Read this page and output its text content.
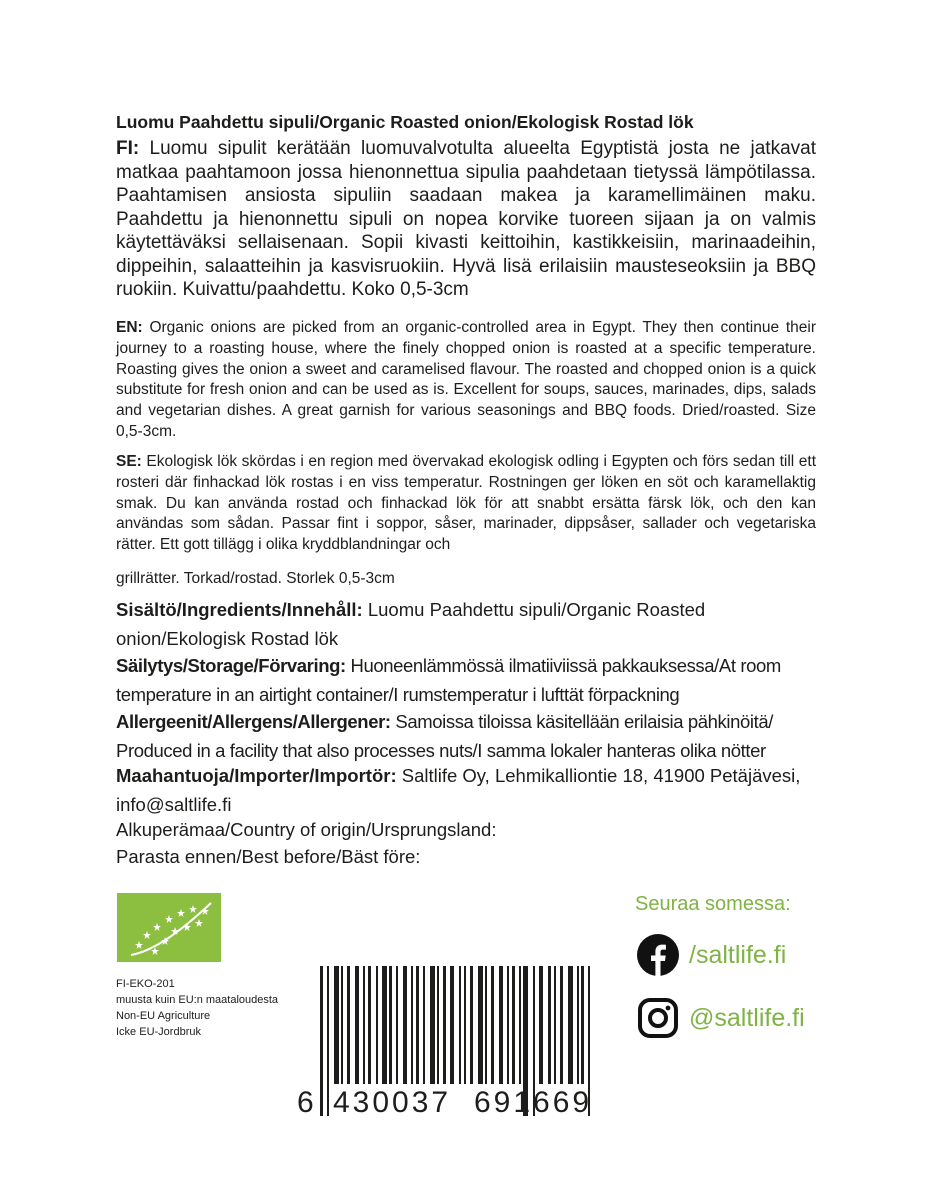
Luomu Paahdettu sipuli/Organic Roasted onion/Ekologisk Rostad lök

FI: Luomu sipulit kerätään luomuvalvotulta alueelta Egyptistä josta ne jatkavat matkaa paahtamoon jossa hienonnettua sipulia paahdetaan tietyssä lämpötilassa. Paahtamisen ansiosta sipuliin saadaan makea ja karamellimäinen maku. Paahdettu ja hienonnettu sipuli on nopea korvike tuoreen sijaan ja on valmis käytettäväksi sellaisenaan. Sopii kivasti keittoihin, kastikkeisiin, marinaadeihin, dippeihin, salaatteihin ja kasvisruokiin. Hyvä lisä erilaisiin mausteseoksiin ja BBQ ruokiin. Kuivattu/paahdettu. Koko 0,5-3cm

EN: Organic onions are picked from an organic-controlled area in Egypt. They then continue their journey to a roasting house, where the finely chopped onion is roasted at a specific temperature. Roasting gives the onion a sweet and caramelised flavour. The roasted and chopped onion is a quick substitute for fresh onion and can be used as is. Excellent for soups, sauces, marinades, dips, salads and vegetarian dishes. A great garnish for various seasonings and BBQ foods. Dried/roasted. Size 0,5-3cm.

SE: Ekologisk lök skördas i en region med övervakad ekologisk odling i Egypten och förs sedan till ett rosteri där finhackad lök rostas i en viss temperatur. Rostningen ger löken en söt och karamellaktig smak. Du kan använda rostad och finhackad lök för att snabbt ersätta färsk lök, och den kan användas som sådan. Passar fint i soppor, såser, marinader, dippsåser, sallader och vegetariska rätter. Ett gott tillägg i olika kryddblandningar och

grillrätter. Torkad/rostad. Storlek 0,5-3cm

Sisältö/Ingredients/Innehåll: Luomu Paahdettu sipuli/Organic Roasted onion/Ekologisk Rostad lök

Säilytys/Storage/Förvaring: Huoneenlämmössä ilmatiiviissä pakkauksessa/At room temperature in an airtight container/I rumstemperatur i lufttät förpackning

Allergeenit/Allergens/Allergener: Samoissa tiloissa käsitellään erilaisia pähkinöitä/ Produced in a facility that also processes nuts/I samma lokaler hanteras olika nötter

Maahantuoja/Importer/Importör: Saltlife Oy, Lehmikalliontie 18, 41900 Petäjävesi, info@saltlife.fi

Alkuperämaa/Country of origin/Ursprungsland:
Parasta ennen/Best before/Bäst före:
FI-EKO-201
muusta kuin EU:n maataloudesta
Non-EU Agriculture
Icke EU-Jordbruk
6 430037 691669
Seuraa somessa:
/saltlife.fi
@saltlife.fi
